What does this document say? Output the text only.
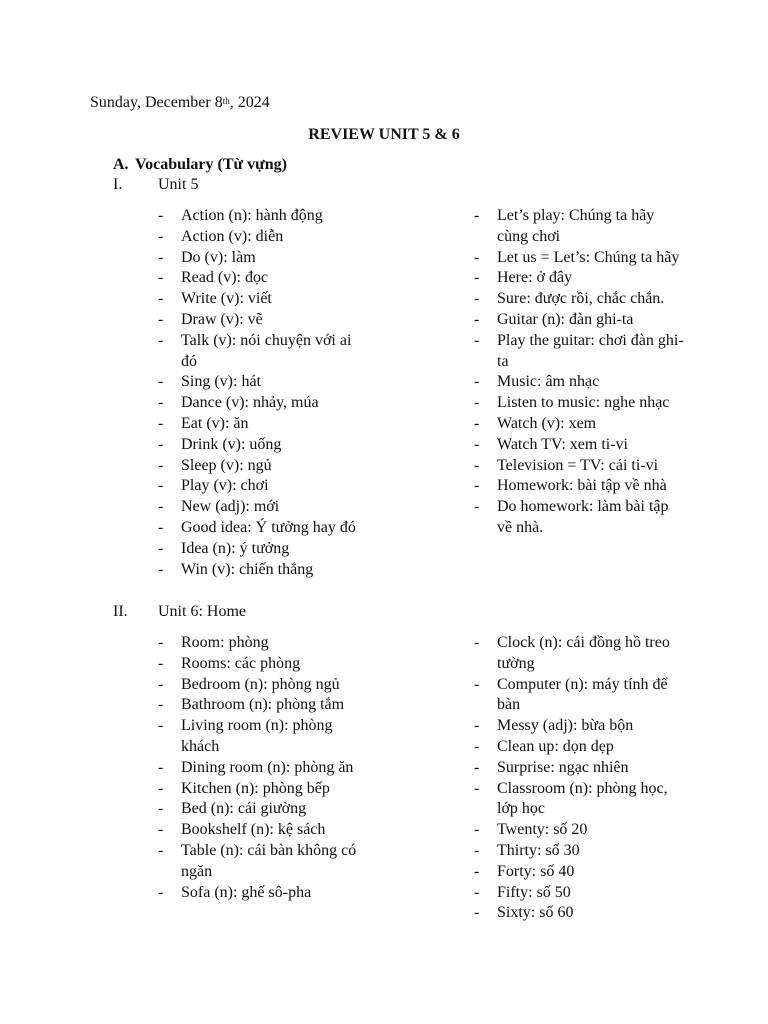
Sunday, December 8th, 2024
REVIEW UNIT 5 & 6
A. Vocabulary (Từ vựng)
I. Unit 5
- Action (n): hành động
- Action (v): diễn
- Do (v): làm
- Read (v): đọc
- Write (v): viết
- Draw (v): vẽ
- Talk (v): nói chuyện với ai đó
- Sing (v): hát
- Dance (v): nhảy, múa
- Eat (v): ăn
- Drink (v): uống
- Sleep (v): ngủ
- Play (v): chơi
- New (adj): mới
- Good idea: Ý tưởng hay đó
- Idea (n): ý tưởng
- Win (v): chiến thắng
- Let’s play: Chúng ta hãy cùng chơi
- Let us = Let’s: Chúng ta hãy
- Here: ở đây
- Sure: được rồi, chắc chắn.
- Guitar (n): đàn ghi-ta
- Play the guitar: chơi đàn ghi-ta
- Music: âm nhạc
- Listen to music: nghe nhạc
- Watch (v): xem
- Watch TV: xem ti-vi
- Television = TV: cái ti-vi
- Homework: bài tập về nhà
- Do homework: làm bài tập về nhà.
II. Unit 6: Home
- Room: phòng
- Rooms: các phòng
- Bedroom (n): phòng ngủ
- Bathroom (n): phòng tắm
- Living room (n): phòng khách
- Dining room (n): phòng ăn
- Kitchen (n): phòng bếp
- Bed (n): cái giường
- Bookshelf (n): kệ sách
- Table (n): cái bàn không có ngăn
- Sofa (n): ghế sô-pha
- Clock (n): cái đồng hồ treo tường
- Computer (n): máy tính để bàn
- Messy (adj): bừa bộn
- Clean up: dọn dẹp
- Surprise: ngạc nhiên
- Classroom (n): phòng học, lớp học
- Twenty: số 20
- Thirty: số 30
- Forty: số 40
- Fifty: số 50
- Sixty: số 60
